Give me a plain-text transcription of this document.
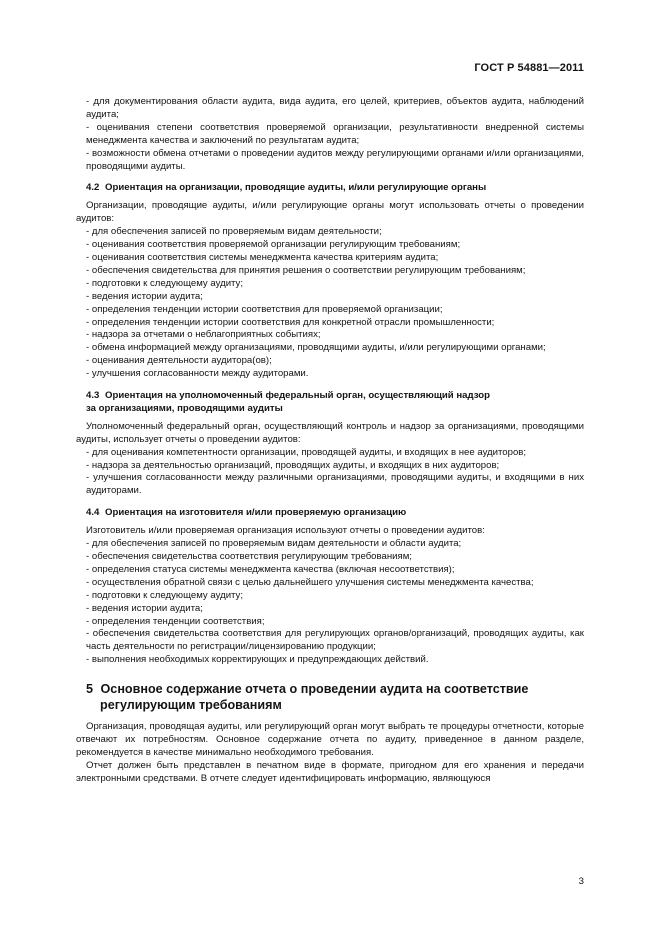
ГОСТ Р 54881—2011

- для документирования области аудита, вида аудита, его целей, критериев, объектов аудита, наблюдений аудита;

- оценивания степени соответствия проверяемой организации, результативности внедренной системы менеджмента качества и заключений по результатам аудита;

- возможности обмена отчетами о проведении аудитов между регулирующими органами и/или организациями, проводящими аудиты.

4.2 Ориентация на организации, проводящие аудиты, и/или регулирующие органы

Организации, проводящие аудиты, и/или регулирующие органы могут использовать отчеты о проведении аудитов:

- для обеспечения записей по проверяемым видам деятельности;

- оценивания соответствия проверяемой организации регулирующим требованиям;

- оценивания соответствия системы менеджмента качества критериям аудита;

- обеспечения свидетельства для принятия решения о соответствии регулирующим требованиям;

- подготовки к следующему аудиту;

- ведения истории аудита;

- определения тенденции истории соответствия для проверяемой организации;

- определения тенденции истории соответствия для конкретной отрасли промышленности;

- надзора за отчетами о неблагоприятных событиях;

- обмена информацией между организациями, проводящими аудиты, и/или регулирующими органами;

- оценивания деятельности аудитора(ов);

- улучшения согласованности между аудиторами.

4.3 Ориентация на уполномоченный федеральный орган, осуществляющий надзор
за организациями, проводящими аудиты

Уполномоченный федеральный орган, осуществляющий контроль и надзор за организациями, проводящими аудиты, использует отчеты о проведении аудитов:

- для оценивания компетентности организации, проводящей аудиты, и входящих в нее аудиторов;

- надзора за деятельностью организаций, проводящих аудиты, и входящих в них аудиторов;

- улучшения согласованности между различными организациями, проводящими аудиты, и входящими в них аудиторами.

4.4 Ориентация на изготовителя и/или проверяемую организацию

Изготовитель и/или проверяемая организация используют отчеты о проведении аудитов:

- для обеспечения записей по проверяемым видам деятельности и области аудита;

- обеспечения свидетельства соответствия регулирующим требованиям;

- определения статуса системы менеджмента качества (включая несоответствия);

- осуществления обратной связи с целью дальнейшего улучшения системы менеджмента качества;

- подготовки к следующему аудиту;

- ведения истории аудита;

- определения тенденции соответствия;

- обеспечения свидетельства соответствия для регулирующих органов/организаций, проводящих аудиты, как часть деятельности по регистрации/лицензированию продукции;

- выполнения необходимых корректирующих и предупреждающих действий.

5 Основное содержание отчета о проведении аудита на соответствие
регулирующим требованиям

Организация, проводящая аудиты, или регулирующий орган могут выбрать те процедуры отчетности, которые отвечают их потребностям. Основное содержание отчета по аудиту, приведенное в данном разделе, рекомендуется в качестве минимально необходимого требования.

Отчет должен быть представлен в печатном виде в формате, пригодном для его хранения и передачи электронными средствами. В отчете следует идентифицировать информацию, являющуюся

3
